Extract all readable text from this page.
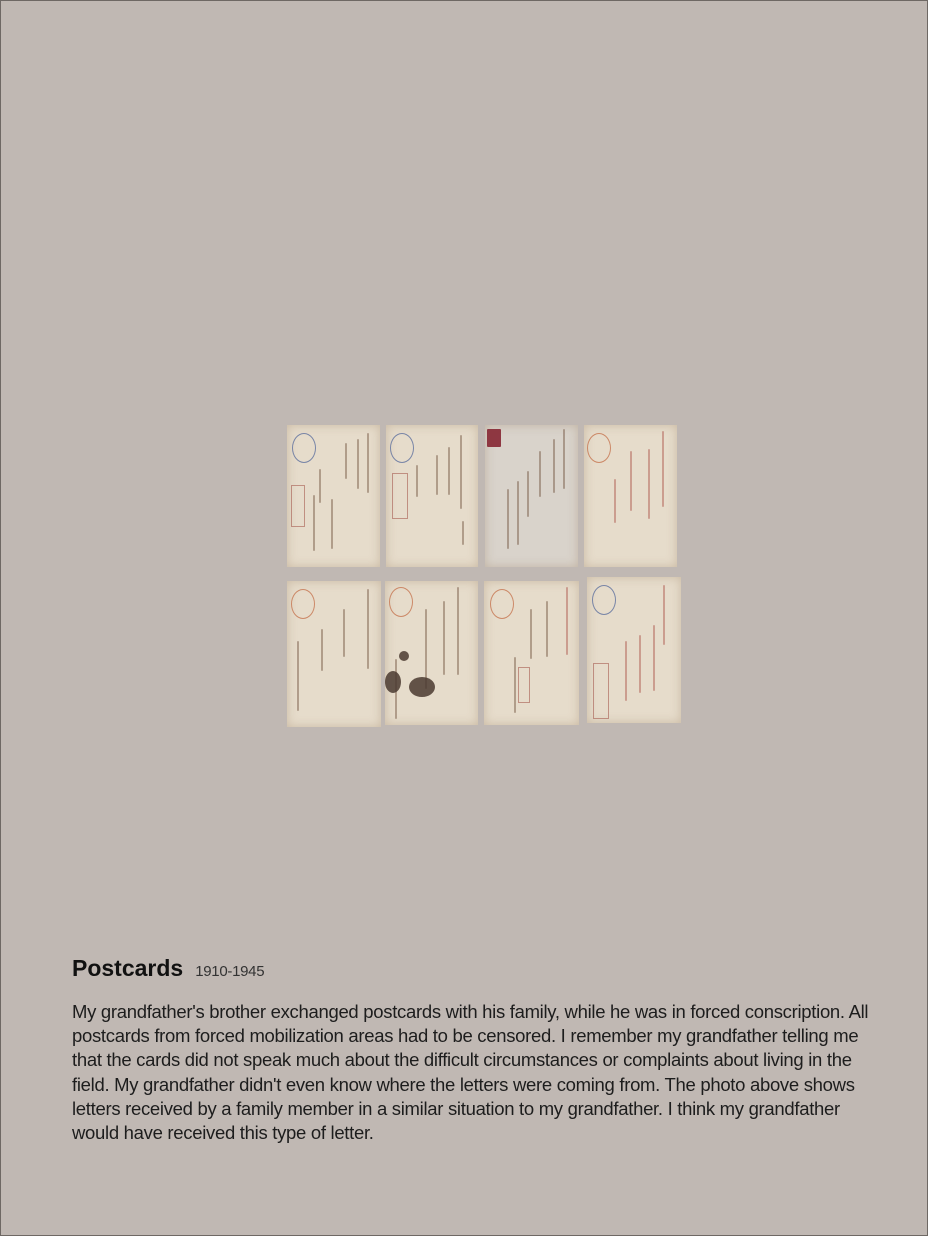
Postcards 1910-1945

My grandfather's brother exchanged postcards with his family, while he was in forced conscription. All postcards from forced mobilization areas had to be censored. I remember my grandfather telling me that the cards did not speak much about the difficult circumstances or complaints about living in the field. My grandfather didn't even know where the letters were coming from. The photo above shows letters received by a family member in a similar situation to my grandfather. I think my grandfather would have received this type of letter.
